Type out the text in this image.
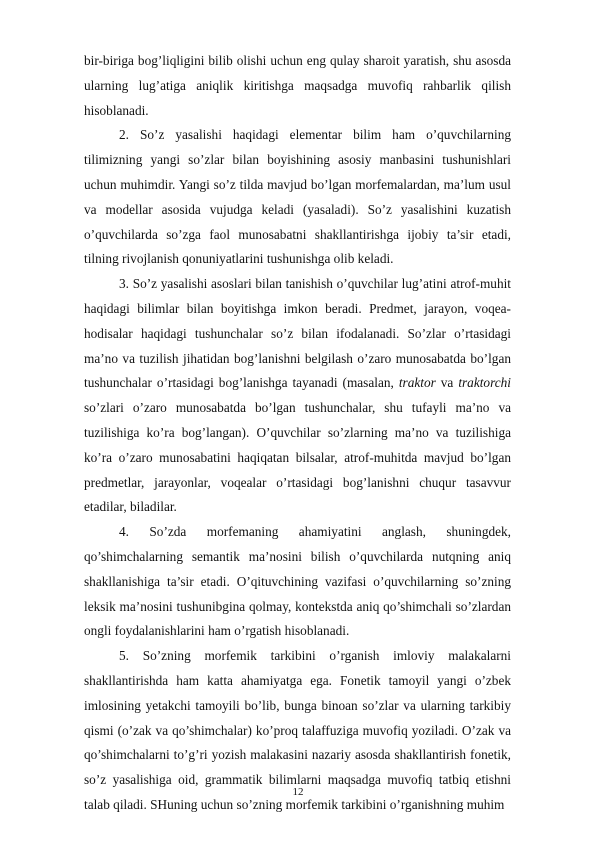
bir-biriga bog’liqligini bilib olishi uchun eng qulay sharoit yaratish, shu asosda ularning lug’atiga aniqlik kiritishga maqsadga muvofiq rahbarlik qilish hisoblanadi.

2. So’z yasalishi haqidagi elementar bilim ham o’quvchilarning tilimizning yangi so’zlar bilan boyishining asosiy manbasini tushunishlari uchun muhimdir. Yangi so’z tilda mavjud bo’lgan morfemalardan, ma’lum usul va modellar asosida vujudga keladi (yasaladi). So’z yasalishini kuzatish o’quvchilarda so’zga faol munosabatni shakllantirishga ijobiy ta’sir etadi, tilning rivojlanish qonuniyatlarini tushunishga olib keladi.

3. So’z yasalishi asoslari bilan tanishish o’quvchilar lug’atini atrof-muhit haqidagi bilimlar bilan boyitishga imkon beradi. Predmet, jarayon, voqea-hodisalar haqidagi tushunchalar so’z bilan ifodalanadi. So’zlar o’rtasidagi ma’no va tuzilish jihatidan bog’lanishni belgilash o’zaro munosabatda bo’lgan tushunchalar o’rtasidagi bog’lanishga tayanadi (masalan, traktor va traktorchi so’zlari o’zaro munosabatda bo’lgan tushunchalar, shu tufayli ma’no va tuzilishiga ko’ra bog’langan). O’quvchilar so’zlarning ma’no va tuzilishiga ko’ra o’zaro munosabatini haqiqatan bilsalar, atrof-muhitda mavjud bo’lgan predmetlar, jarayonlar, voqealar o’rtasidagi bog’lanishni chuqur tasavvur etadilar, biladilar.

4. So’zda morfemaning ahamiyatini anglash, shuningdek, qo’shimchalarning semantik ma’nosini bilish o’quvchilarda nutqning aniq shakllanishiga ta’sir etadi. O’qituvchining vazifasi o’quvchilarning so’zning leksik ma’nosini tushunibgina qolmay, kontekstda aniq qo’shimchali so’zlardan ongli foydalanishlarini ham o’rgatish hisoblanadi.

5. So’zning morfemik tarkibini o’rganish imloviy malakalarni shakllantirishda ham katta ahamiyatga ega. Fonetik tamoyil yangi o’zbek imlosining yetakchi tamoyili bo’lib, bunga binoan so’zlar va ularning tarkibiy qismi (o’zak va qo’shimchalar) ko’proq talaffuziga muvofiq yoziladi. O’zak va qo’shimchalarni to’g’ri yozish malakasini nazariy asosda shakllantirish fonetik, so’z yasalishiga oid, grammatik bilimlarni maqsadga muvofiq tatbiq etishni talab qiladi. SHuning uchun so’zning morfemik tarkibini o’rganishning muhim

12
